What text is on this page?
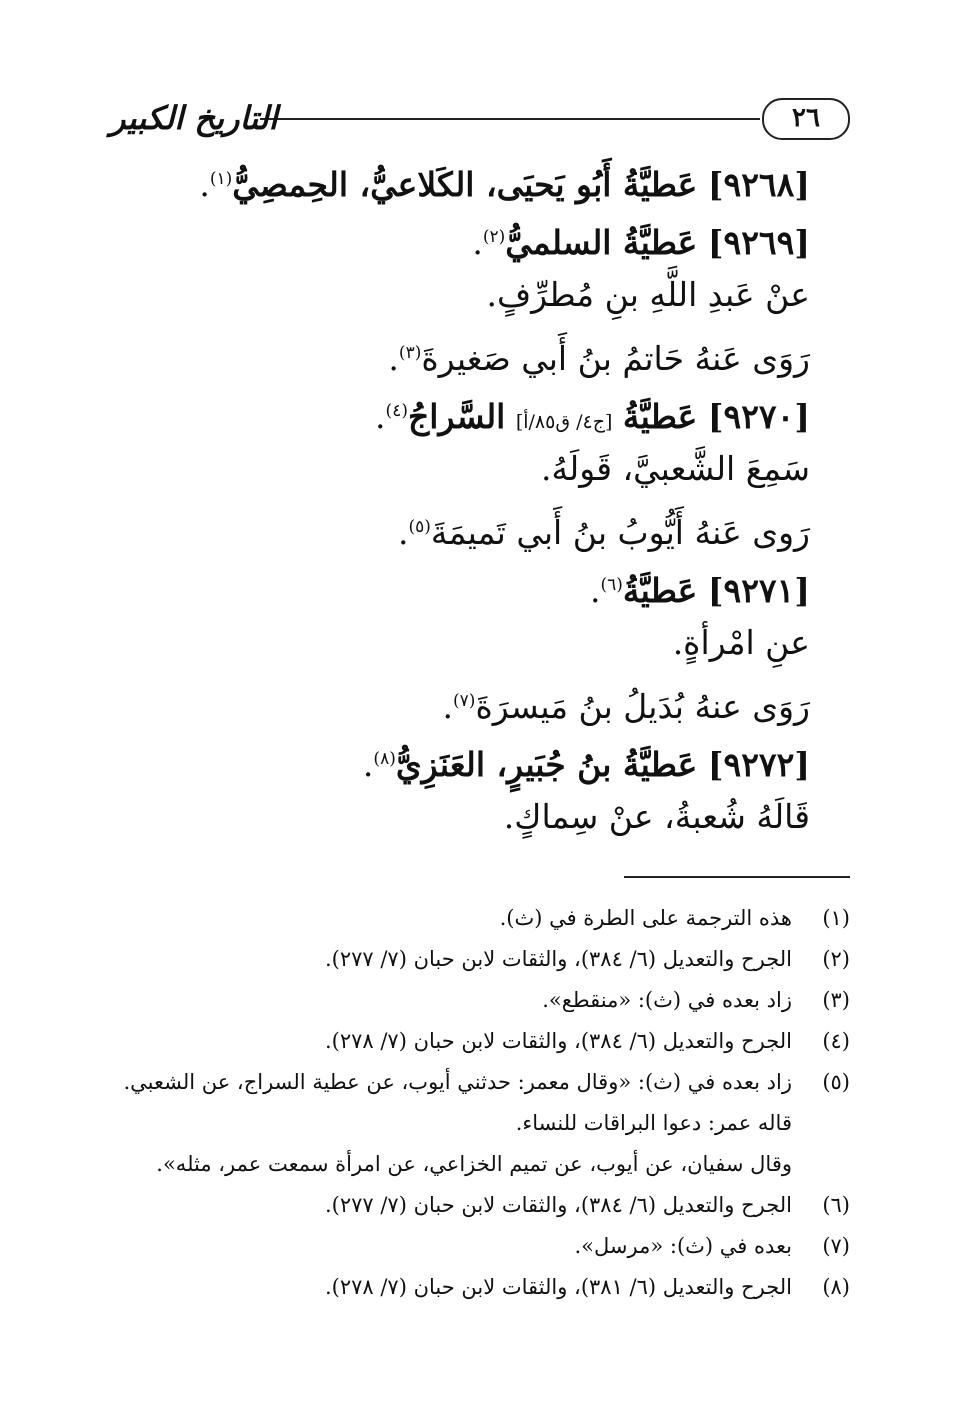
٢٦
التاريخ الكبير
[٩٢٦٨] عَطيَّةُ أَبُو يَحيَى، الكَلاعيُّ، الحِمصِيُّ$^{(١)}$.
[٩٢٦٩] عَطيَّةُ السلميُّ$^{(٢)}$.
عنْ عَبدِ اللَّهِ بنِ مُطرِّفٍ.
رَوَى عَنهُ حَاتمُ بنُ أَبي صَغيرةَ$^{(٣)}$.
[٩٢٧٠] عَطيَّةُ [ج٤/ ق٨٥/أ] السَّراجُ$^{(٤)}$.
سَمِعَ الشَّعبيَّ، قَولَهُ.
رَوى عَنهُ أَيُّوبُ بنُ أَبي تَميمَةَ$^{(٥)}$.
[٩٢٧١] عَطيَّةُ$^{(٦)}$.
عنِ امْرأةٍ.
رَوَى عنهُ بُدَيلُ بنُ مَيسرَةَ$^{(٧)}$.
[٩٢٧٢] عَطيَّةُ بنُ جُبَيرٍ، العَنَزِيُّ$^{(٨)}$.
قَالَهُ شُعبةُ، عنْ سِماكٍ.
(١)
هذه الترجمة على الطرة في (ث).
(٢)
الجرح والتعديل (٦/ ٣٨٤)، والثقات لابن حبان (٧/ ٢٧٧).
(٣)
زاد بعده في (ث): «منقطع».
(٤)
الجرح والتعديل (٦/ ٣٨٤)، والثقات لابن حبان (٧/ ٢٧٨).
(٥)
زاد بعده في (ث): «وقال معمر: حدثني أيوب، عن عطية السراج، عن الشعبي.
قاله عمر: دعوا البراقات للنساء.
وقال سفيان، عن أيوب، عن تميم الخزاعي، عن امرأة سمعت عمر، مثله».
(٦)
الجرح والتعديل (٦/ ٣٨٤)، والثقات لابن حبان (٧/ ٢٧٧).
(٧)
بعده في (ث): «مرسل».
(٨)
الجرح والتعديل (٦/ ٣٨١)، والثقات لابن حبان (٧/ ٢٧٨).
